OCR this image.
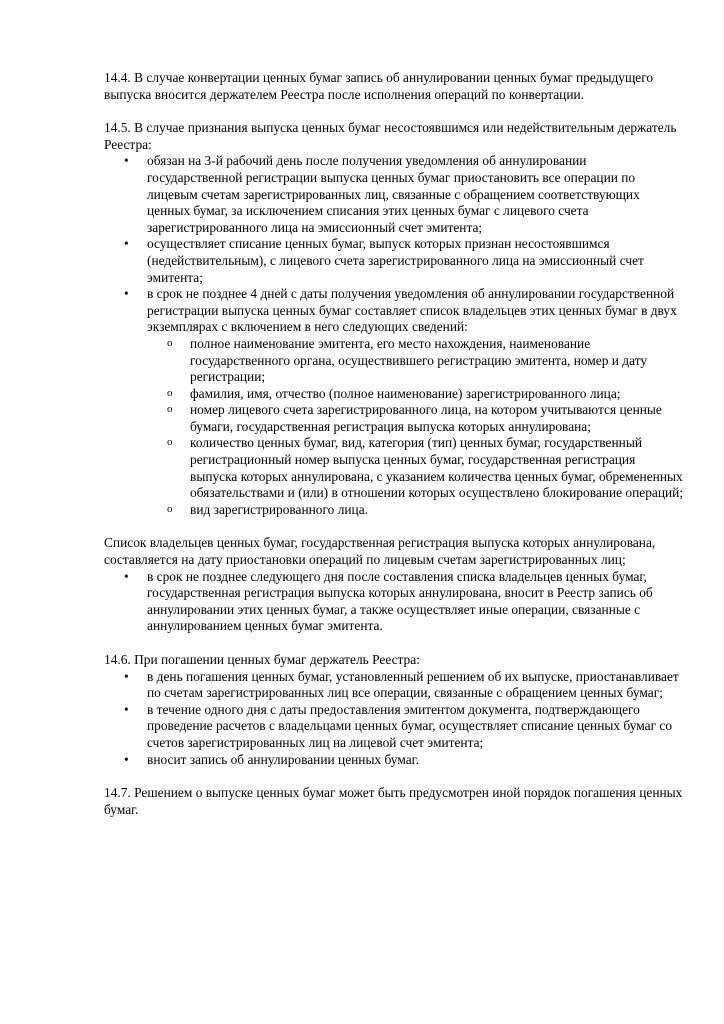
14.4. В случае конвертации ценных бумаг запись об аннулировании ценных бумаг предыдущего выпуска вносится держателем Реестра после исполнения операций по конвертации.

14.5. В случае признания выпуска ценных бумаг несостоявшимся или недействительным держатель Реестра:

• обязан на 3-й рабочий день после получения уведомления об аннулировании государственной регистрации выпуска ценных бумаг приостановить все операции по лицевым счетам зарегистрированных лиц, связанные с обращением соответствующих ценных бумаг, за исключением списания этих ценных бумаг с лицевого счета зарегистрированного лица на эмиссионный счет эмитента;
• осуществляет списание ценных бумаг, выпуск которых признан несостоявшимся (недействительным), с лицевого счета зарегистрированного лица на эмиссионный счет эмитента;
• в срок не позднее 4 дней с даты получения уведомления об аннулировании государственной регистрации выпуска ценных бумаг составляет список владельцев этих ценных бумаг в двух экземплярах с включением в него следующих сведений:
o полное наименование эмитента, его место нахождения, наименование государственного органа, осуществившего регистрацию эмитента, номер и дату регистрации;
o фамилия, имя, отчество (полное наименование) зарегистрированного лица;
o номер лицевого счета зарегистрированного лица, на котором учитываются ценные бумаги, государственная регистрация выпуска которых аннулирована;
o количество ценных бумаг, вид, категория (тип) ценных бумаг, государственный регистрационный номер выпуска ценных бумаг, государственная регистрация выпуска которых аннулирована, с указанием количества ценных бумаг, обремененных обязательствами и (или) в отношении которых осуществлено блокирование операций;
o вид зарегистрированного лица.

Список владельцев ценных бумаг, государственная регистрация выпуска которых аннулирована, составляется на дату приостановки операций по лицевым счетам зарегистрированных лиц;

• в срок не позднее следующего дня после составления списка владельцев ценных бумаг, государственная регистрация выпуска которых аннулирована, вносит в Реестр запись об аннулировании этих ценных бумаг, а также осуществляет иные операции, связанные с аннулированием ценных бумаг эмитента.

14.6. При погашении ценных бумаг держатель Реестра:

• в день погашения ценных бумаг, установленный решением об их выпуске, приостанавливает по счетам зарегистрированных лиц все операции, связанные с обращением ценных бумаг;
• в течение одного дня с даты предоставления эмитентом документа, подтверждающего проведение расчетов с владельцами ценных бумаг, осуществляет списание ценных бумаг со счетов зарегистрированных лиц на лицевой счет эмитента;
• вносит запись об аннулировании ценных бумаг.

14.7. Решением о выпуске ценных бумаг может быть предусмотрен иной порядок погашения ценных бумаг.
